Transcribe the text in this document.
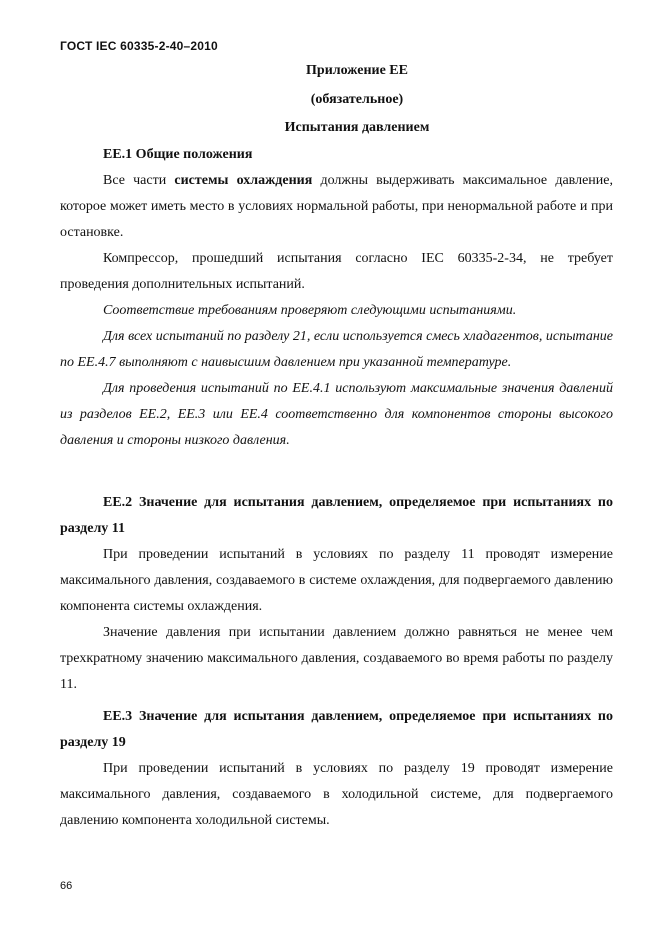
ГОСТ IEC 60335-2-40–2010
Приложение ЕЕ
(обязательное)
Испытания давлением

ЕЕ.1 Общие положения

Все части системы охлаждения должны выдерживать максимальное давление, которое может иметь место в условиях нормальной работы, при ненормальной работе и при остановке.

Компрессор, прошедший испытания согласно IEC 60335-2-34, не требует проведения дополнительных испытаний.

Соответствие требованиям проверяют следующими испытаниями.

Для всех испытаний по разделу 21, если используется смесь хладагентов, испытание по ЕЕ.4.7 выполняют с наивысшим давлением при указанной температуре.

Для проведения испытаний по ЕЕ.4.1 используют максимальные значения давлений из разделов ЕЕ.2, ЕЕ.3 или ЕЕ.4 соответственно для компонентов стороны высокого давления и стороны низкого давления.

ЕЕ.2 Значение для испытания давлением, определяемое при испытаниях по разделу 11

При проведении испытаний в условиях по разделу 11 проводят измерение максимального давления, создаваемого в системе охлаждения, для подвергаемого давлению компонента системы охлаждения.

Значение давления при испытании давлением должно равняться не менее чем трехкратному значению максимального давления, создаваемого во время работы по разделу 11.

ЕЕ.3 Значение для испытания давлением, определяемое при испытаниях по разделу 19

При проведении испытаний в условиях по разделу 19 проводят измерение максимального давления, создаваемого в холодильной системе, для подвергаемого давлению компонента холодильной системы.

66
